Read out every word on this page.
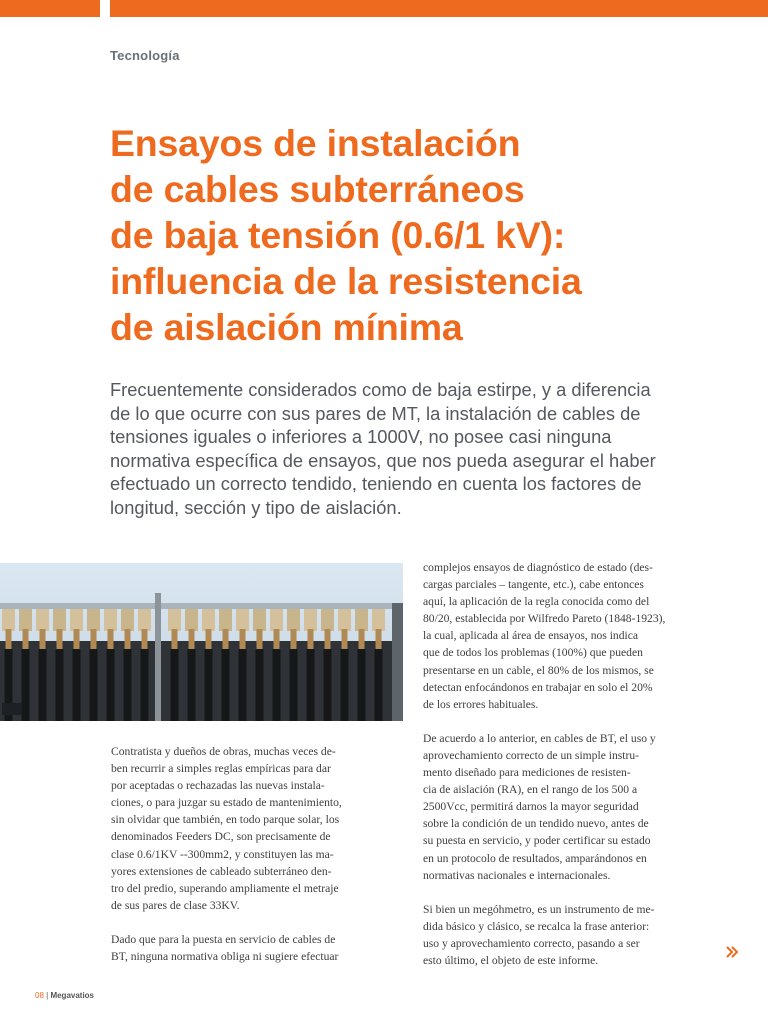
Tecnología
Ensayos de instalación
de cables subterráneos
de baja tensión (0.6/1 kV):
influencia de la resistencia
de aislación mínima

Frecuentemente considerados como de baja estirpe, y a diferencia
de lo que ocurre con sus pares de MT, la instalación de cables de
tensiones iguales o inferiores a 1000V, no posee casi ninguna
normativa específica de ensayos, que nos pueda asegurar el haber
efectuado un correcto tendido, teniendo en cuenta los factores de
longitud, sección y tipo de aislación.

Contratista y dueños de obras, muchas veces de-
ben recurrir a simples reglas empíricas para dar
por aceptadas o rechazadas las nuevas instala-
ciones, o para juzgar su estado de mantenimiento,
sin olvidar que también, en todo parque solar, los
denominados Feeders DC, son precisamente de
clase 0.6/1KV --300mm2, y constituyen las ma-
yores extensiones de cableado subterráneo den-
tro del predio, superando ampliamente el metraje
de sus pares de clase 33KV.
Dado que para la puesta en servicio de cables de
BT, ninguna normativa obliga ni sugiere efectuar
complejos ensayos de diagnóstico de estado (des-
cargas parciales – tangente, etc.), cabe entonces
aquí, la aplicación de la regla conocida como del
80/20, establecida por Wilfredo Pareto (1848-1923),
la cual, aplicada al área de ensayos, nos indica
que de todos los problemas (100%) que pueden
presentarse en un cable, el 80% de los mismos, se
detectan enfocándonos en trabajar en solo el 20%
de los errores habituales.
De acuerdo a lo anterior, en cables de BT, el uso y
aprovechamiento correcto de un simple instru-
mento diseñado para mediciones de resisten-
cia de aislación (RA), en el rango de los 500 a
2500Vcc, permitirá darnos la mayor seguridad
sobre la condición de un tendido nuevo, antes de
su puesta en servicio, y poder certificar su estado
en un protocolo de resultados, amparándonos en
normativas nacionales e internacionales.
Si bien un megóhmetro, es un instrumento de me-
dida básico y clásico, se recalca la frase anterior:
uso y aprovechamiento correcto, pasando a ser
esto último, el objeto de este informe.
08 | Megavatios
